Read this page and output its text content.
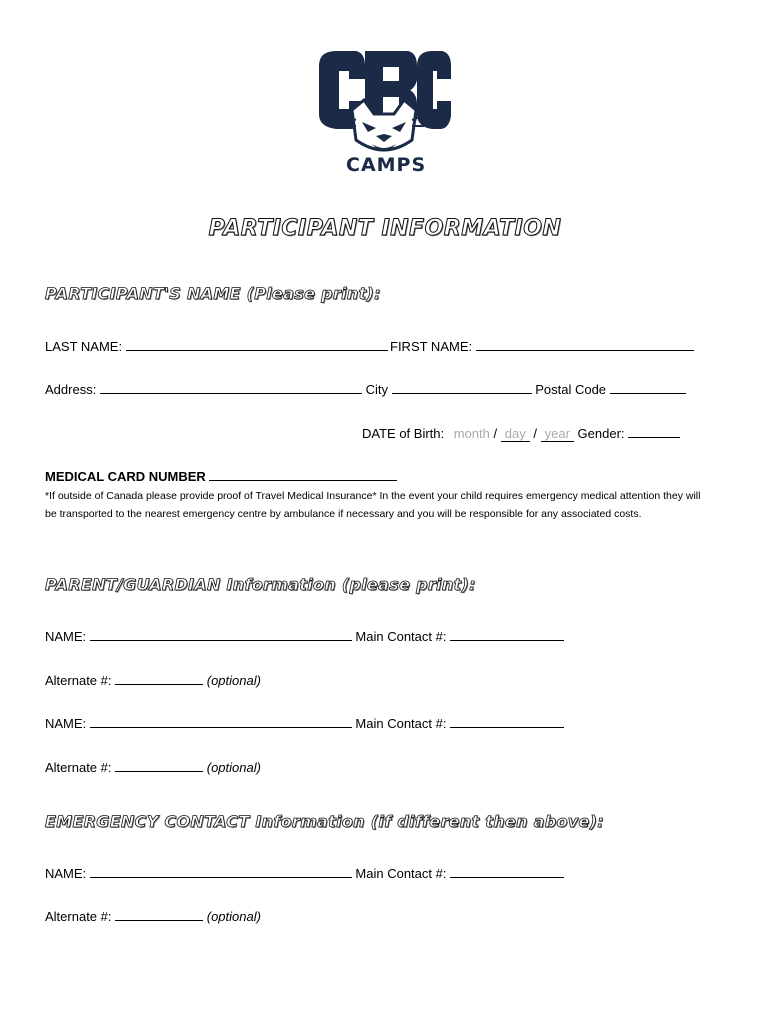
CAMPS
PARTICIPANT INFORMATION
PARTICIPANT'S NAME (Please print):
LAST NAME:	FIRST NAME:
Address:	City	Postal Code
DATE of Birth: month / day / year Gender:
MEDICAL CARD NUMBER
*If outside of Canada please provide proof of Travel Medical Insurance* In the event your child requires emergency medical attention they will be transported to the nearest emergency centre by ambulance if necessary and you will be responsible for any associated costs.
PARENT/GUARDIAN Information (please print):
NAME:	Main Contact #:
Alternate #:	(optional)
NAME:	Main Contact #:
Alternate #:	(optional)
EMERGENCY CONTACT Information (if different then above):
NAME:	Main Contact #:
Alternate #:	(optional)
